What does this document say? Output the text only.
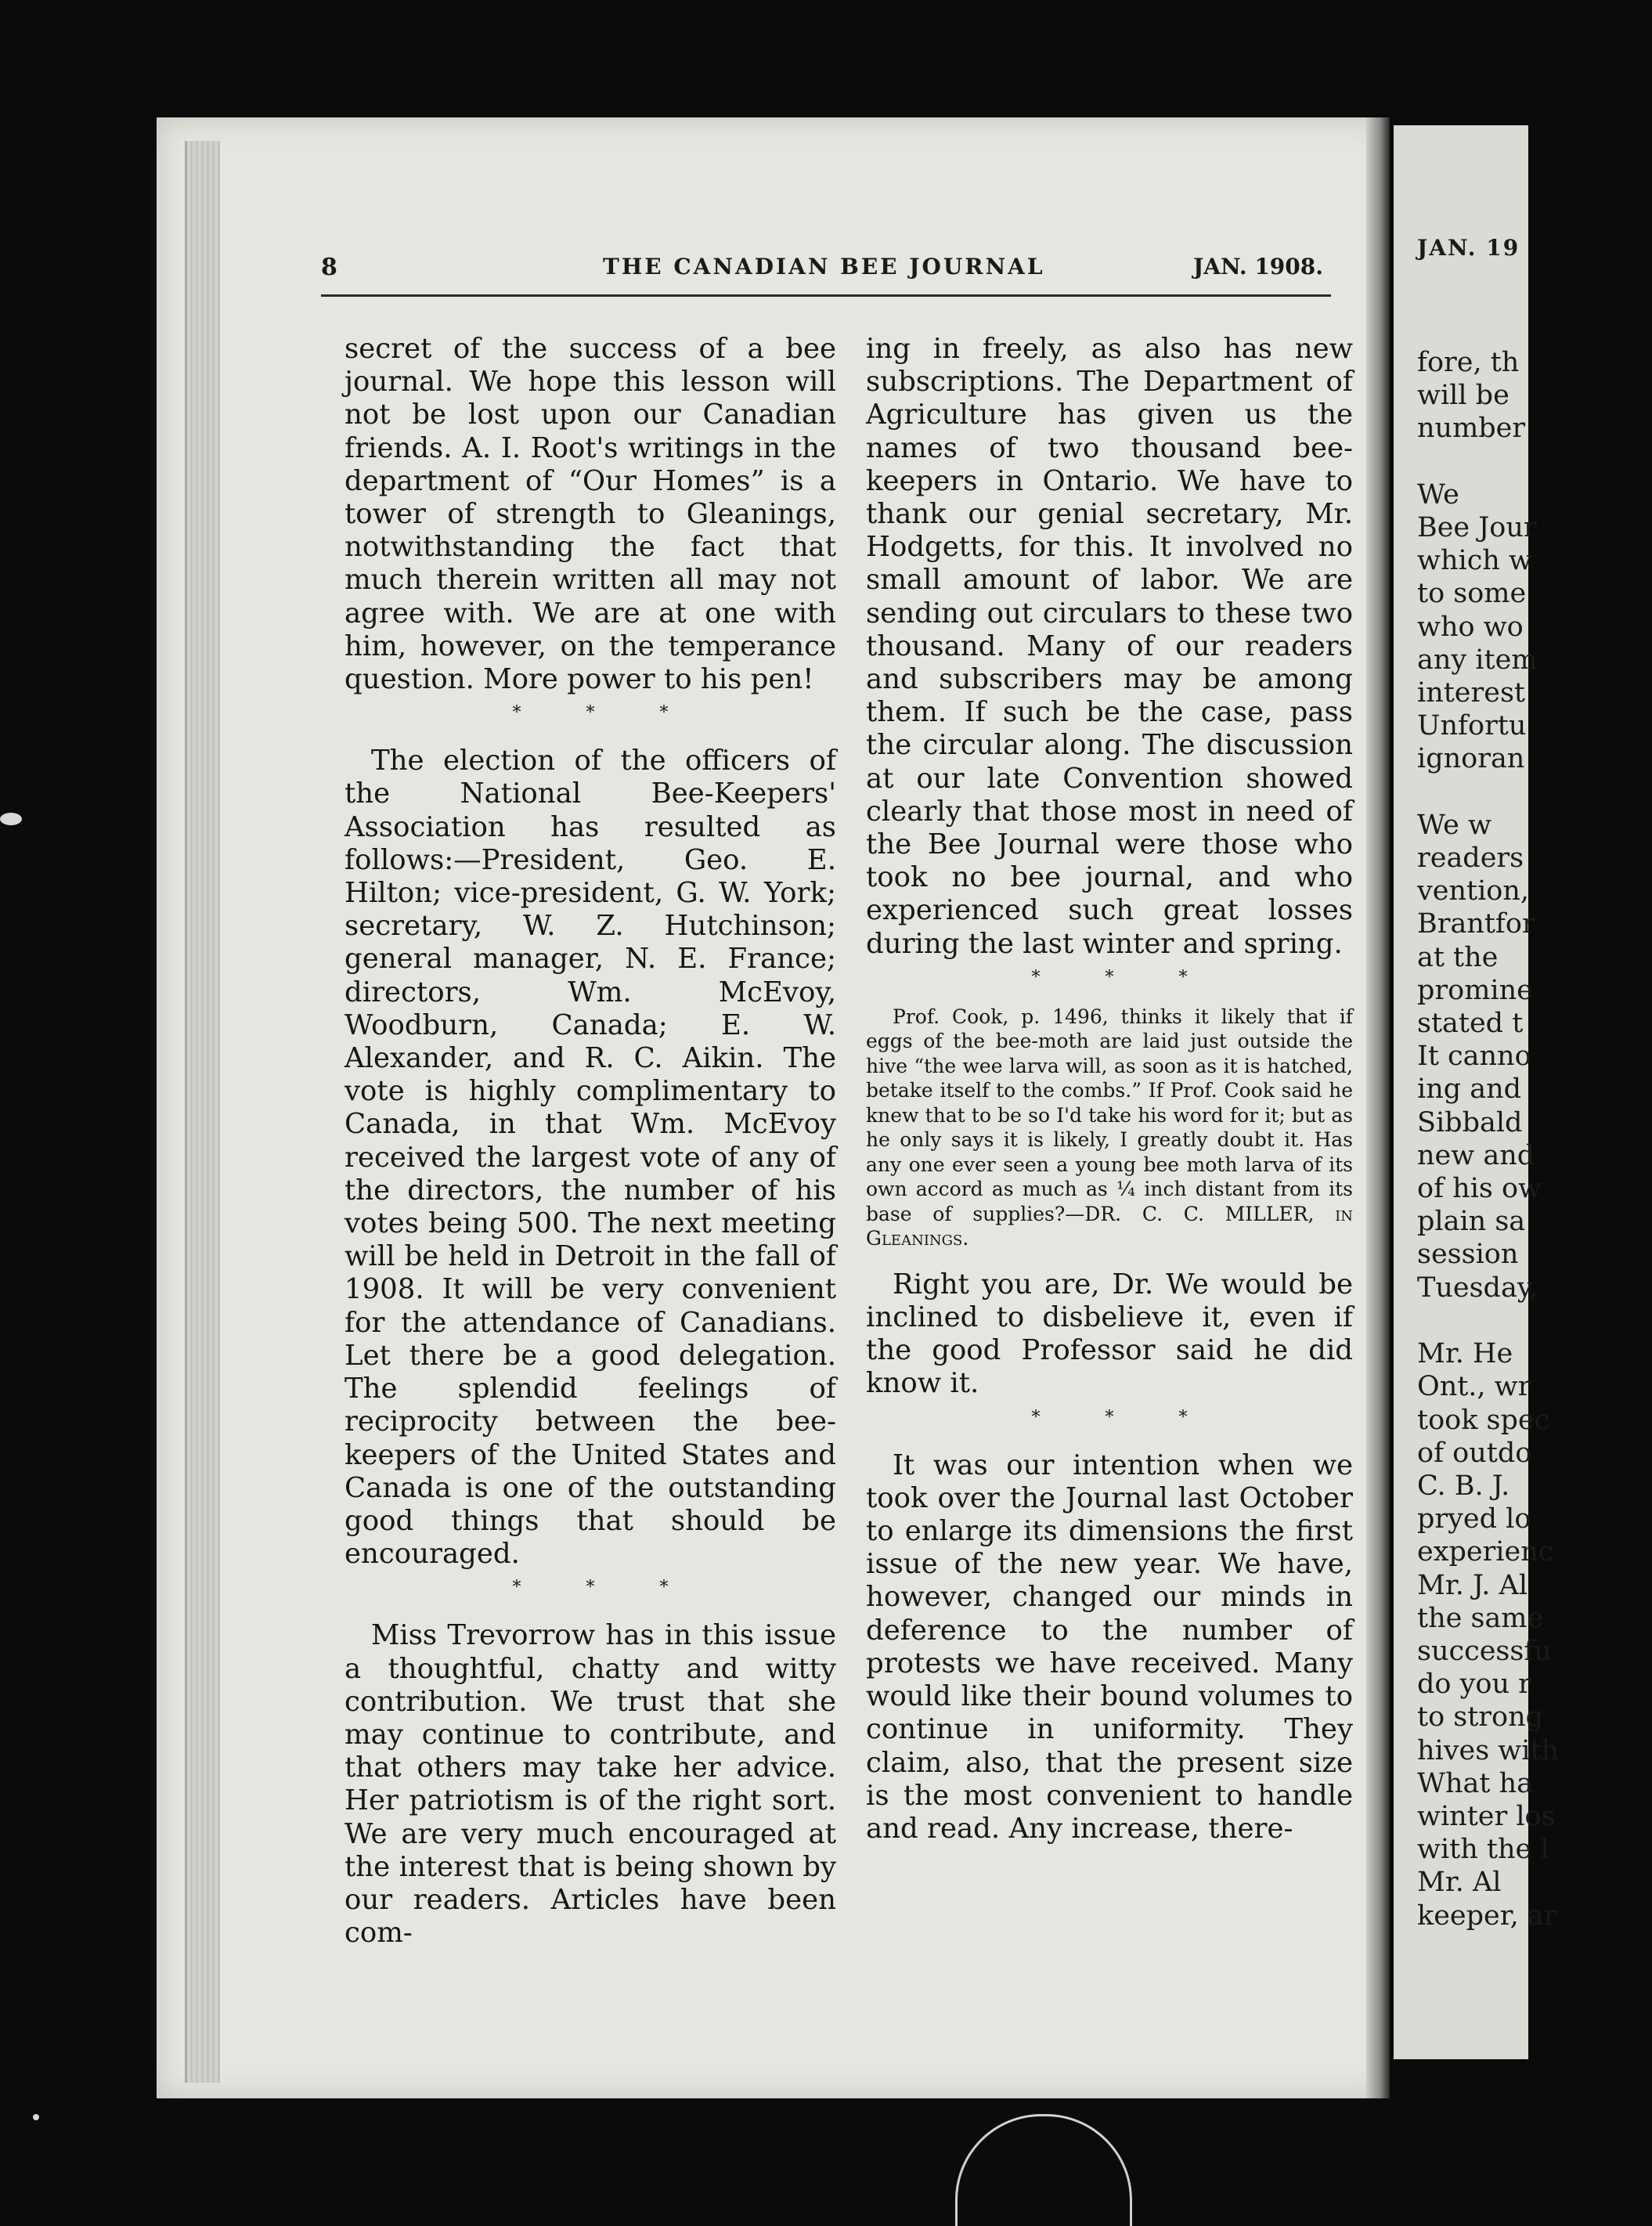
JAN. 19
fore, th
will be
number

We
Bee Jour
which w
to some
who wo
any item
interest
Unfortu
ignoran

We w
readers
vention,
Brantfor
at the
promine
stated t
It canno
ing and
Sibbald
new and
of his ow
plain sa
session
Tuesday,

Mr. He
Ont., wr
took spec
of outdo
C. B. J.
pryed lo
experienc
Mr. J. Al
the same
successfu
do you r
to strong
hives with
What ha
winter los
with the l
Mr. Al
keeper, ar
8	THE CANADIAN BEE JOURNAL	JAN. 1908.

secret of the success of a bee journal. We hope this lesson will not be lost upon our Canadian friends. A. I. Root's writings in the department of “Our Homes” is a tower of strength to Gleanings, notwithstanding the fact that much therein written all may not agree with. We are at one with him, however, on the temperance question. More power to his pen!

* * *

The election of the officers of the National Bee-Keepers' Association has resulted as follows:—President, Geo. E. Hilton; vice-president, G. W. York; secretary, W. Z. Hutchinson; general manager, N. E. France; directors, Wm. McEvoy, Woodburn, Canada; E. W. Alexander, and R. C. Aikin. The vote is highly complimentary to Canada, in that Wm. McEvoy received the largest vote of any of the directors, the number of his votes being 500. The next meeting will be held in Detroit in the fall of 1908. It will be very convenient for the attendance of Canadians. Let there be a good delegation. The splendid feelings of reciprocity between the bee-keepers of the United States and Canada is one of the outstanding good things that should be encouraged.

* * *

Miss Trevorrow has in this issue a thoughtful, chatty and witty contribution. We trust that she may continue to contribute, and that others may take her advice. Her patriotism is of the right sort. We are very much encouraged at the interest that is being shown by our readers. Articles have been com-

ing in freely, as also has new subscriptions. The Department of Agriculture has given us the names of two thousand bee-keepers in Ontario. We have to thank our genial secretary, Mr. Hodgetts, for this. It involved no small amount of labor. We are sending out circulars to these two thousand. Many of our readers and subscribers may be among them. If such be the case, pass the circular along. The discussion at our late Convention showed clearly that those most in need of the Bee Journal were those who took no bee journal, and who experienced such great losses during the last winter and spring.

* * *

Prof. Cook, p. 1496, thinks it likely that if eggs of the bee-moth are laid just outside the hive “the wee larva will, as soon as it is hatched, betake itself to the combs.” If Prof. Cook said he knew that to be so I'd take his word for it; but as he only says it is likely, I greatly doubt it. Has any one ever seen a young bee moth larva of its own accord as much as ¼ inch distant from its base of supplies?—DR. C. C. MILLER, in Gleanings.

Right you are, Dr. We would be inclined to disbelieve it, even if the good Professor said he did know it.

* * *

It was our intention when we took over the Journal last October to enlarge its dimensions the first issue of the new year. We have, however, changed our minds in deference to the number of protests we have received. Many would like their bound volumes to continue in uniformity. They claim, also, that the present size is the most convenient to handle and read. Any increase, there-
